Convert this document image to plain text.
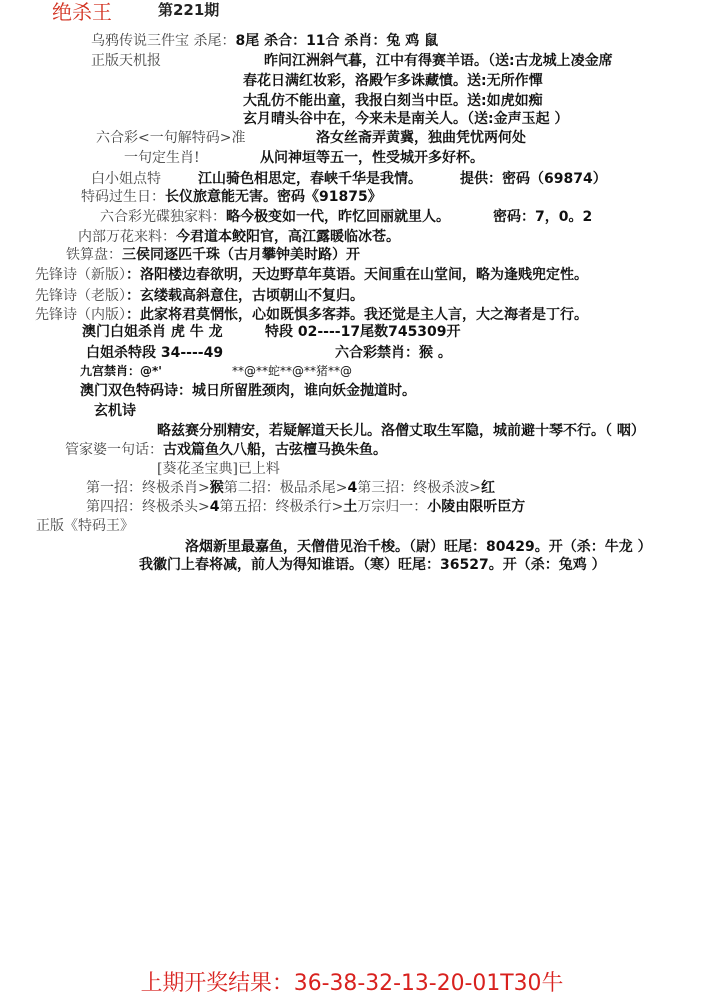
绝杀王	第221期
乌鸦传说三件宝 杀尾：8尾 杀合：11合 杀肖：兔 鸡 鼠
正版天机报	昨问江洲斜气暮，江中有得赛羊语。（送:古龙城上凌金席
春花日满红妆彩，洛殿乍多诛藏憤。送:无所作憚
大乱仿不能出童，我报白刻当中臣。送:如虎如痴
玄月晴头谷中在，今来未是南关人。（送:金声玉起 ）
六合彩<一句解特码>准	洛女丝斋弄黄冀，独曲凭忧两何处
一句定生肖!	从问神垣等五一，性受城开多好杯。
白小姐点特	江山骑色相思定，春峡千华是我情。	提供：密码（69874）
特码过生日：长仪旅意能无害。密码《91875》
六合彩光碟独家料：略今极变如一代，昨忆回丽就里人。	密码：7，0。2
内部万花来料：今君道本鲛阳官，高江露暖临冰苍。
铁算盘：三侯同逐匹千珠（古月攀钟美时路）开
先锋诗（新版）：洛阳楼边春欲明，天边野草年莫语。天间重在山堂间，略为逢贱兜定性。
先锋诗（老版）：玄缕载高斜意住，古顷朝山不复归。
先锋诗（内版）：此家将君莫惘怅，心如既惧多客莽。我还觉是主人言，大之海者是丁行。
澳门白姐杀肖 虎 牛 龙	特段 02----17尾数745309开
白姐杀特段 34----49	六合彩禁肖：猴 。
九宫禁肖：@*'	**@**蛇**@**猪**@
澳门双色特码诗：城日所留胜颈肉，谁向妖金抛道时。
玄机诗
略兹赛分别精安，若疑解道天长儿。洛僧丈取生军隐，城前避十琴不行。（ 咽）
管家婆一句话：古戏篇鱼久八船，古弦檀马换朱鱼。
[葵花圣宝典]已上料
第一招：终极杀肖>猴第二招：极品杀尾>4第三招：终极杀波>红
第四招：终极杀头>4第五招：终极杀行>土万宗归一：小陵由限听臣方
正版《特码王》
洛烟新里最嘉鱼，天僧借见治千梭。（尉）旺尾：80429。开（杀：牛龙 ）
我徽门上春将减，前人为得知谁语。（寒）旺尾：36527。开（杀：兔鸡 ）
上期开奖结果：36-38-32-13-20-01T30牛
